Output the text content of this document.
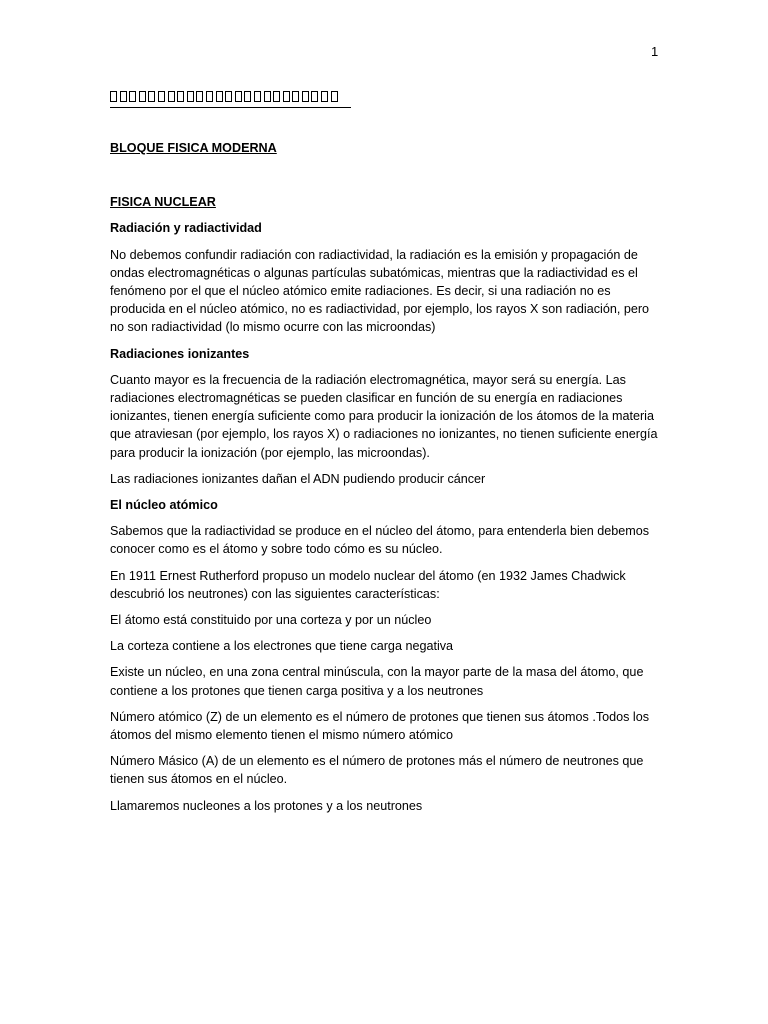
1

BLOQUE FISICA MODERNA

FISICA NUCLEAR

Radiación y radiactividad

No debemos confundir radiación con radiactividad, la radiación es la emisión y propagación de ondas electromagnéticas o algunas partículas subatómicas, mientras que la radiactividad es el fenómeno por el que el núcleo atómico emite radiaciones. Es decir, si una radiación no es producida en el núcleo atómico, no es radiactividad, por ejemplo, los rayos X son radiación, pero no son radiactividad (lo mismo ocurre con las microondas)

Radiaciones ionizantes

Cuanto mayor es la frecuencia de la radiación electromagnética, mayor será su energía. Las radiaciones electromagnéticas se pueden clasificar en función de su energía en radiaciones ionizantes, tienen energía suficiente como para producir la ionización de los átomos de la materia que atraviesan (por ejemplo, los rayos X) o radiaciones no ionizantes, no tienen suficiente energía para producir la ionización (por ejemplo, las microondas).

Las radiaciones ionizantes dañan el ADN pudiendo producir cáncer

El núcleo atómico

Sabemos que la radiactividad se produce en el núcleo del átomo, para entenderla bien debemos conocer como es el átomo y sobre todo cómo es su núcleo.

En 1911 Ernest Rutherford propuso un modelo nuclear del átomo (en 1932 James Chadwick descubrió los neutrones) con las siguientes características:

El átomo está constituido por una corteza y por un núcleo

La corteza contiene a los electrones que tiene carga negativa

Existe un núcleo, en una zona central minúscula, con la mayor parte de la masa del átomo, que contiene a los protones que tienen carga positiva y a los neutrones

Número atómico (Z) de un elemento es el número de protones que tienen sus átomos .Todos los átomos del mismo elemento tienen el mismo número atómico

Número Másico (A) de un elemento es el número de protones más el número de neutrones que tienen sus átomos en el núcleo.

Llamaremos nucleones a los protones y a los neutrones
